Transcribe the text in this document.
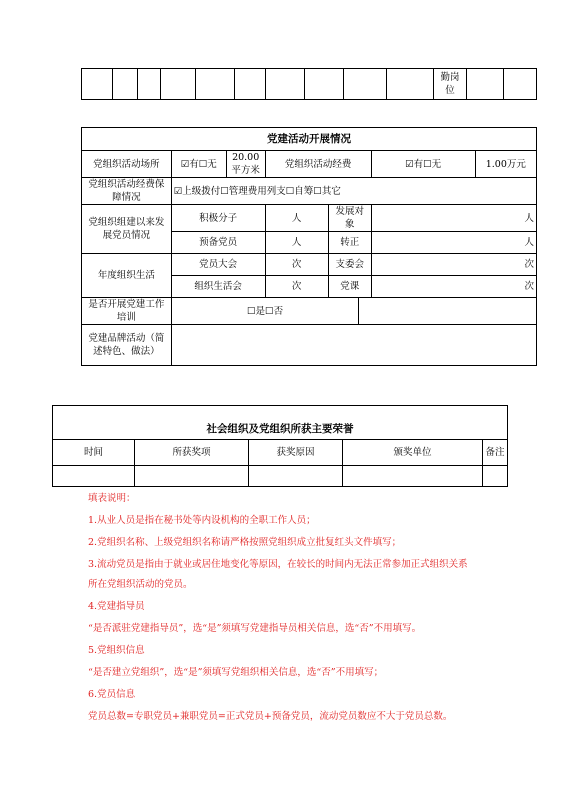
										勤岗位		
党建活动开展情况							
党组织活动场所	☑有☐无	20.00平方米	党组织活动经费			☑有☐无	1.00万元
党组织活动经费保障情况	☑上级拨付☐管理费用列支☐自筹☐其它						
党组织组建以来发展党员情况	积极分子		人	发展对象		人	
	预备党员		人	转正		人	
年度组织生活	党员大会		次	支委会		次	
	组织生活会		次	党课		次	
是否开展党建工作培训	☐是☐否						
党建品牌活动（简述特色、做法）							
社会组织及党组织所获主要荣誉				
时间	所获奖项	获奖原因	颁奖单位	备注

填表说明：
1.从业人员是指在秘书处等内设机构的全职工作人员；
2.党组织名称、上级党组织名称请严格按照党组织成立批复红头文件填写；
3.流动党员是指由于就业或居住地变化等原因，在较长的时间内无法正常参加正式组织关系
所在党组织活动的党员。
4.党建指导员
“是否派驻党建指导员”，选“是”须填写党建指导员相关信息，选“否”不用填写。
5.党组织信息
“是否建立党组织”，选“是”须填写党组织相关信息，选“否”不用填写；
6.党员信息
党员总数=专职党员+兼职党员=正式党员+预备党员，流动党员数应不大于党员总数。
